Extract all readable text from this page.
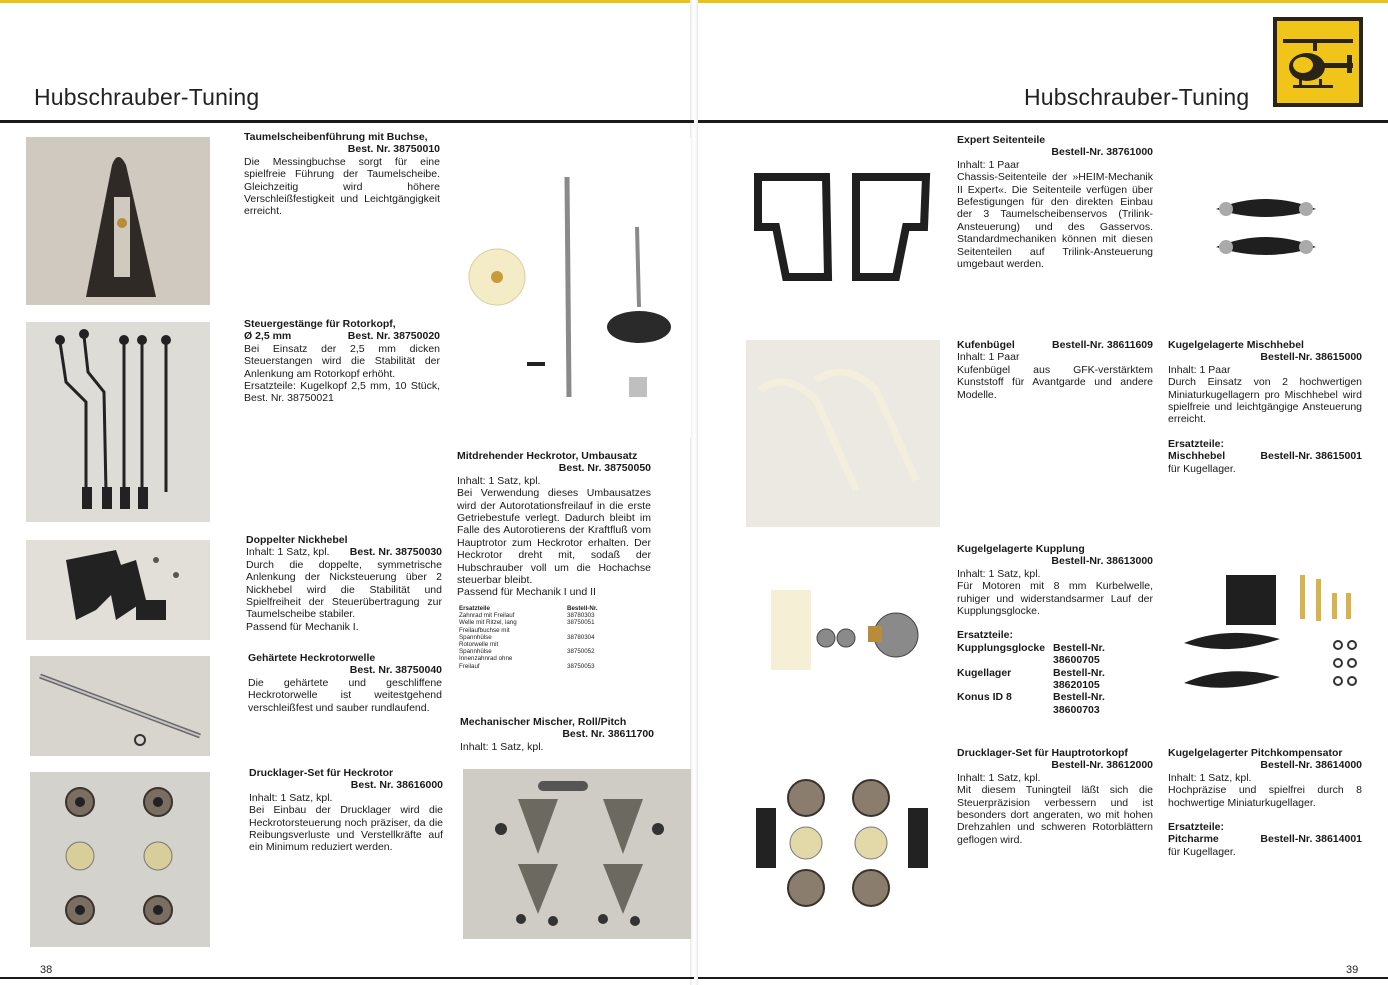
Hubschrauber-Tuning
Taumelscheibenführung mit Buchse,
Best. Nr. 38750010
Die Messingbuchse sorgt für eine spielfreie Führung der Taumelscheibe. Gleichzeitig wird höhere Verschleißfestigkeit und Leichtgängigkeit erreicht.
Steuergestänge für Rotorkopf,
Ø 2,5 mm	Best. Nr. 38750020
Bei Einsatz der 2,5 mm dicken Steuerstangen wird die Stabilität der Anlenkung am Rotorkopf erhöht.
Ersatzteile: Kugelkopf 2,5 mm, 10 Stück, Best. Nr. 38750021
Doppelter Nickhebel
Inhalt: 1 Satz, kpl. Best. Nr. 38750030
Durch die doppelte, symmetrische Anlenkung der Nicksteuerung über 2 Nickhebel wird die Stabilität und Spielfreiheit der Steuerübertragung zur Taumelscheibe stabiler.
Passend für Mechanik I.
Gehärtete Heckrotorwelle
Best. Nr. 38750040
Die gehärtete und geschliffene Heckrotorwelle ist weitestgehend verschleißfest und sauber rundlaufend.
Drucklager-Set für Heckrotor
Best. Nr. 38616000
Inhalt: 1 Satz, kpl.
Bei Einbau der Drucklager wird die Heckrotorsteuerung noch präziser, da die Reibungsverluste und Verstellkräfte auf ein Minimum reduziert werden.
Mitdrehender Heckrotor, Umbausatz
Best. Nr. 38750050
Inhalt: 1 Satz, kpl.
Bei Verwendung dieses Umbausatzes wird der Autorotationsfreilauf in die erste Getriebestufe verlegt. Dadurch bleibt im Falle des Autorotierens der Kraftfluß vom Hauptrotor zum Heckrotor erhalten. Der Heckrotor dreht mit, sodaß der Hubschrauber voll um die Hochachse steuerbar bleibt.
Passend für Mechanik I und II
Ersatzteile	Bestell-Nr.
Zahnrad mit Freilauf	38780303
Welle mit Ritzel, lang	38750051
Freilaufbuchse mit
Spannhülse	38780304
Rotorwelle mit
Spannhülse	38750052
Innenzahnrad ohne
Freilauf	38750053
Mechanischer Mischer, Roll/Pitch
Best. Nr. 38611700
Inhalt: 1 Satz, kpl.
38
Hubschrauber-Tuning
Expert Seitenteile
Bestell-Nr. 38761000
Inhalt: 1 Paar
Chassis-Seitenteile der »HEIM-Mechanik II Expert«. Die Seitenteile verfügen über Befestigungen für den direkten Einbau der 3 Taumelscheibenservos (Trilink-Ansteuerung) und des Gasservos. Standardmechaniken können mit diesen Seitenteilen auf Trilink-Ansteuerung umgebaut werden.
Kufenbügel	Bestell-Nr. 38611609
Inhalt: 1 Paar
Kufenbügel aus GFK-verstärktem Kunststoff für Avantgarde und andere Modelle.
Kugelgelagerte Kupplung
Bestell-Nr. 38613000
Inhalt: 1 Satz, kpl.
Für Motoren mit 8 mm Kurbelwelle, ruhiger und widerstandsarmer Lauf der Kupplungsglocke.
Ersatzteile:
Kupplungsglocke Bestell-Nr. 38600705
Kugellager	Bestell-Nr. 38620105
Konus ID 8	Bestell-Nr. 38600703
Drucklager-Set für Hauptrotorkopf
Bestell-Nr. 38612000
Inhalt: 1 Satz, kpl.
Mit diesem Tuningteil läßt sich die Steuerpräzision verbessern und ist besonders dort angeraten, wo mit hohen Drehzahlen und schweren Rotorblättern geflogen wird.
Kugelgelagerte Mischhebel
Bestell-Nr. 38615000
Inhalt: 1 Paar
Durch Einsatz von 2 hochwertigen Miniaturkugellagern pro Mischhebel wird spielfreie und leichtgängige Ansteuerung erreicht.
Ersatzteile:
Mischhebel	Bestell-Nr. 38615001
für Kugellager.
Kugelgelagerter Pitchkompensator
Bestell-Nr. 38614000
Inhalt: 1 Satz, kpl.
Hochpräzise und spielfrei durch 8 hochwertige Miniaturkugellager.
Ersatzteile:
Pitcharme	Bestell-Nr. 38614001
für Kugellager.
39
